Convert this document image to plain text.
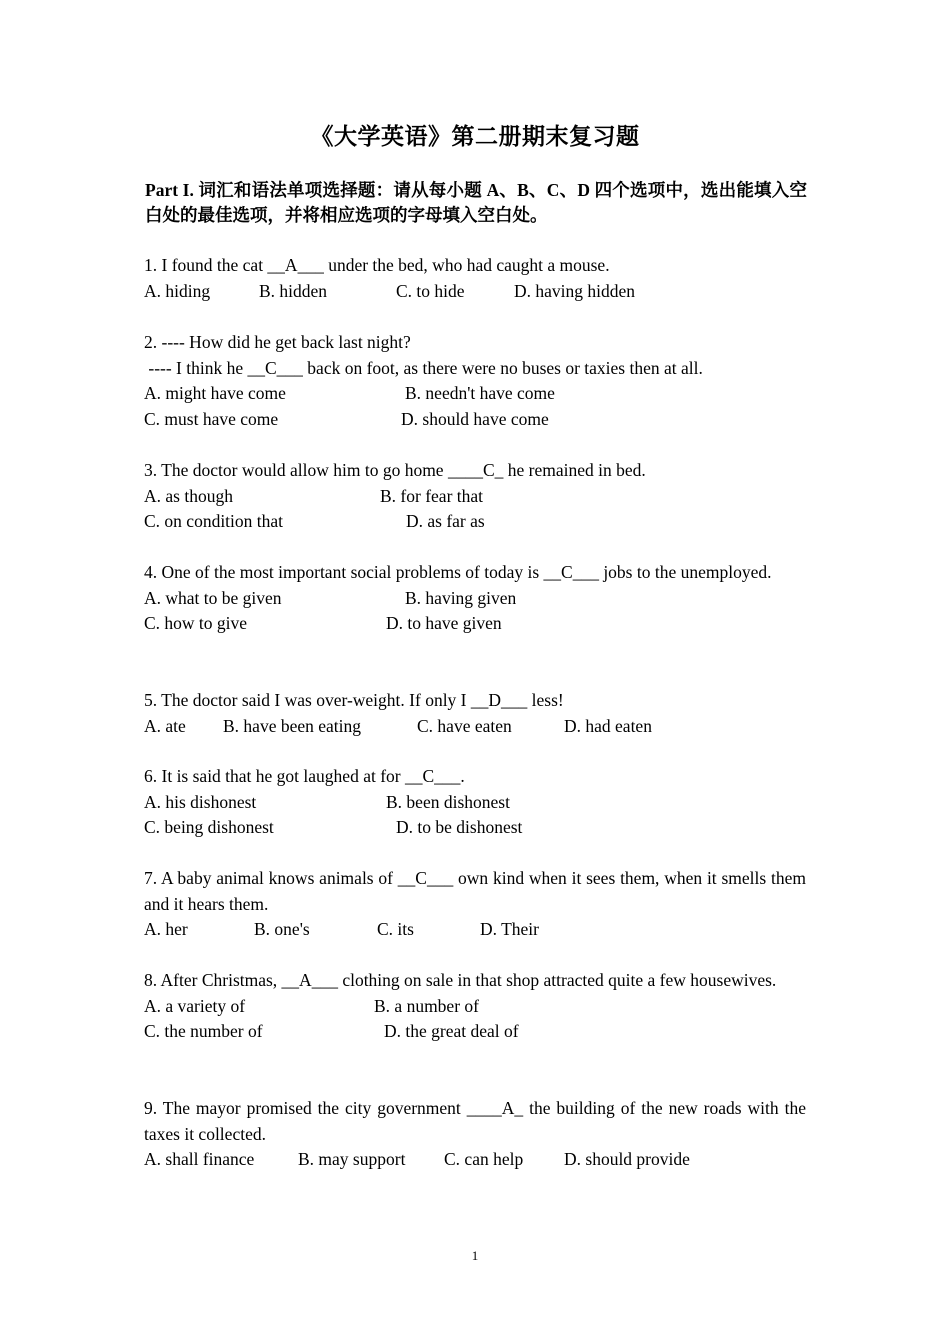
《大学英语》第二册期末复习题
Part I. 词汇和语法单项选择题：请从每小题 A、B、C、D 四个选项中，选出能填入空白处的最佳选项，并将相应选项的字母填入空白处。
1. I found the cat __A___ under the bed, who had caught a mouse.
A. hiding	B. hidden	C. to hide	D. having hidden
2. ---- How did he get back last night?
---- I think he __C___ back on foot, as there were no buses or taxies then at all.
A. might have come	B. needn't have come
C. must have come	D. should have come
3. The doctor would allow him to go home ____C_ he remained in bed.
A. as though	B. for fear that
C. on condition that	D. as far as
4. One of the most important social problems of today is __C___ jobs to the unemployed.
A. what to be given	B. having given
C. how to give	D. to have given
5. The doctor said I was over-weight. If only I __D___ less!
A. ate B. have been eating	C. have eaten	D. had eaten
6. It is said that he got laughed at for __C___.
A. his dishonest	B. been dishonest
C. being dishonest	D. to be dishonest
7. A baby animal knows animals of __C___ own kind when it sees them, when it smells them and it hears them.
A. her	B. one's	C. its	D. Their
8. After Christmas, __A___ clothing on sale in that shop attracted quite a few housewives.
A. a variety of	B. a number of
C. the number of	D. the great deal of
9. The mayor promised the city government ____A_ the building of the new roads with the taxes it collected.
A. shall finance B. may support C. can help D. should provide
1
